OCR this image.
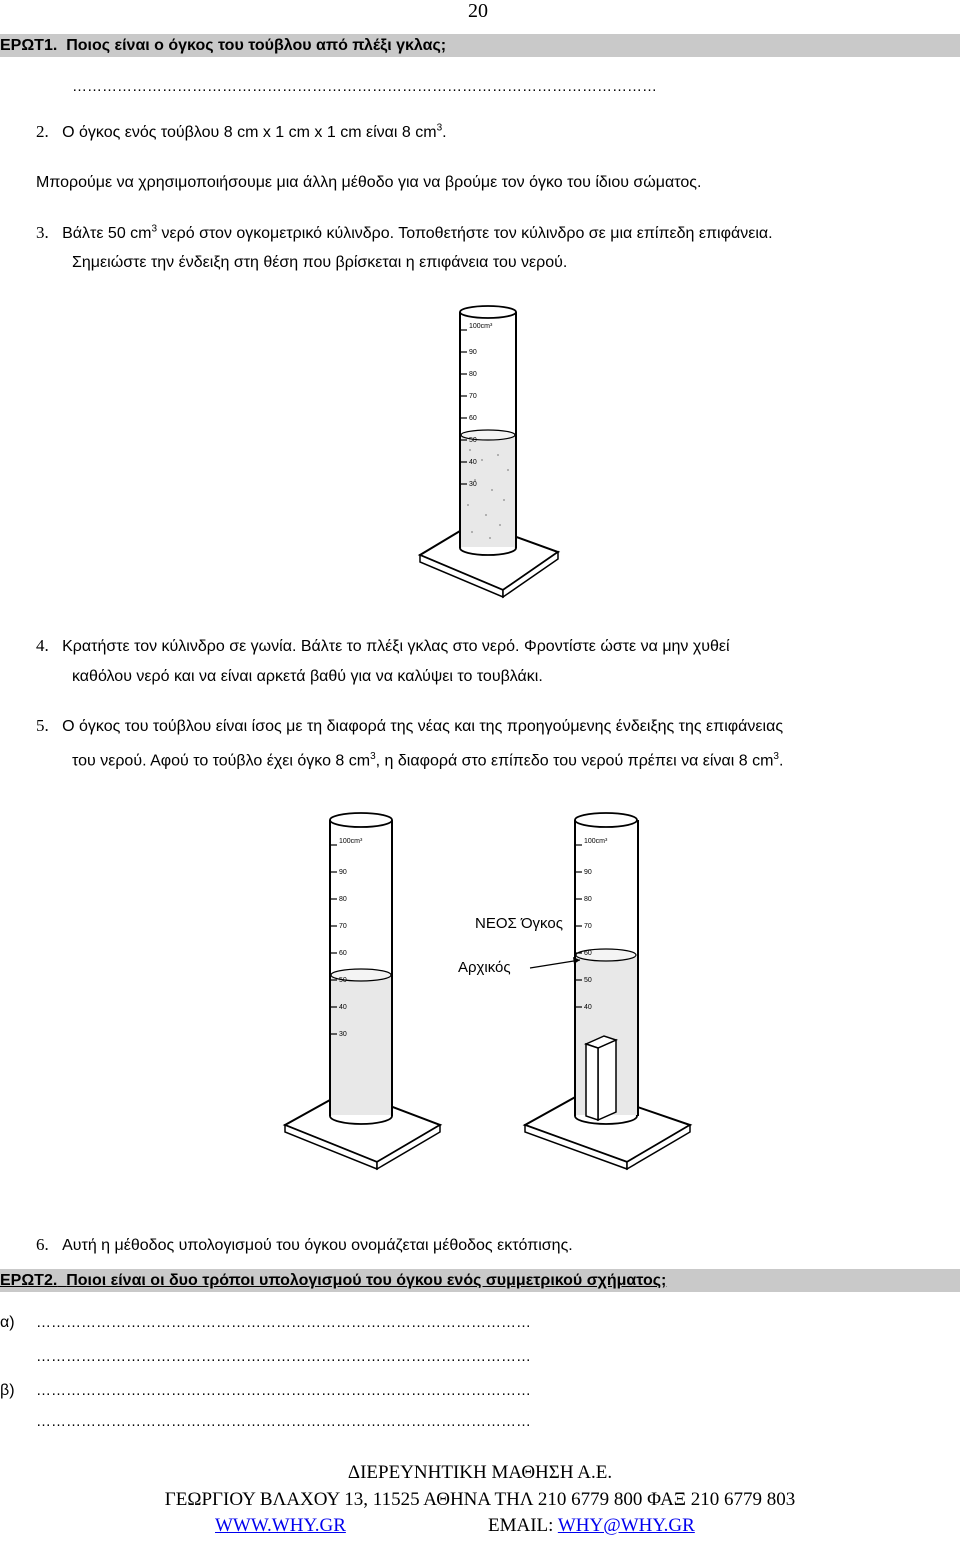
20
ΕΡΩΤ1. Ποιος είναι ο όγκος του τούβλου από πλέξι γκλας;
………………………………………………………………………………………………………
2. Ο όγκος ενός τούβλου 8 cm x 1 cm x 1 cm είναι 8 $cm^3$.
Μπορούμε να χρησιμοποιήσουμε μια άλλη μέθοδο για να βρούμε τον όγκο του ίδιου σώματος.
3. Βάλτε 50 $cm^3$ νερό στον ογκομετρικό κύλινδρο. Τοποθετήστε τον κύλινδρο σε μια επίπεδη επιφάνεια.
Σημειώστε την ένδειξη στη θέση που βρίσκεται η επιφάνεια του νερού.
100cm³
90
80
70
60
50
40
30
4. Κρατήστε τον κύλινδρο σε γωνία. Βάλτε το πλέξι γκλας στο νερό. Φροντίστε ώστε να μην χυθεί
καθόλου νερό και να είναι αρκετά βαθύ για να καλύψει το τουβλάκι.
5. Ο όγκος του τούβλου είναι ίσος με τη διαφορά της νέας και της προηγούμενης ένδειξης της επιφάνειας
του νερού. Αφού το τούβλο έχει όγκο 8 $cm^3$, η διαφορά στο επίπεδο του νερού πρέπει να είναι 8 $cm^3$.
100cm³
90
80
70
60
50
40
30
100cm³
90
80
70
60
50
40
ΝΕΟΣ Όγκος
Αρχικός
6. Αυτή η μέθοδος υπολογισμού του όγκου ονομάζεται μέθοδος εκτόπισης.
ΕΡΩΤ2. Ποιοι είναι οι δυο τρόποι υπολογισμού του όγκου ενός συμμετρικού σχήματος;
α) ………………………………………………………………………………………
………………………………………………………………………………………
β) ………………………………………………………………………………………
………………………………………………………………………………………
ΔΙΕΡΕΥΝΗΤΙΚΗ ΜΑΘΗΣΗ Α.Ε.
ΓΕΩΡΓΙΟΥ ΒΛΑΧΟΥ 13, 11525 ΑΘΗΝΑ ΤΗΛ 210 6779 800 ΦΑΞ 210 6779 803
WWW.WHY.GR	EMAIL: WHY@WHY.GR
